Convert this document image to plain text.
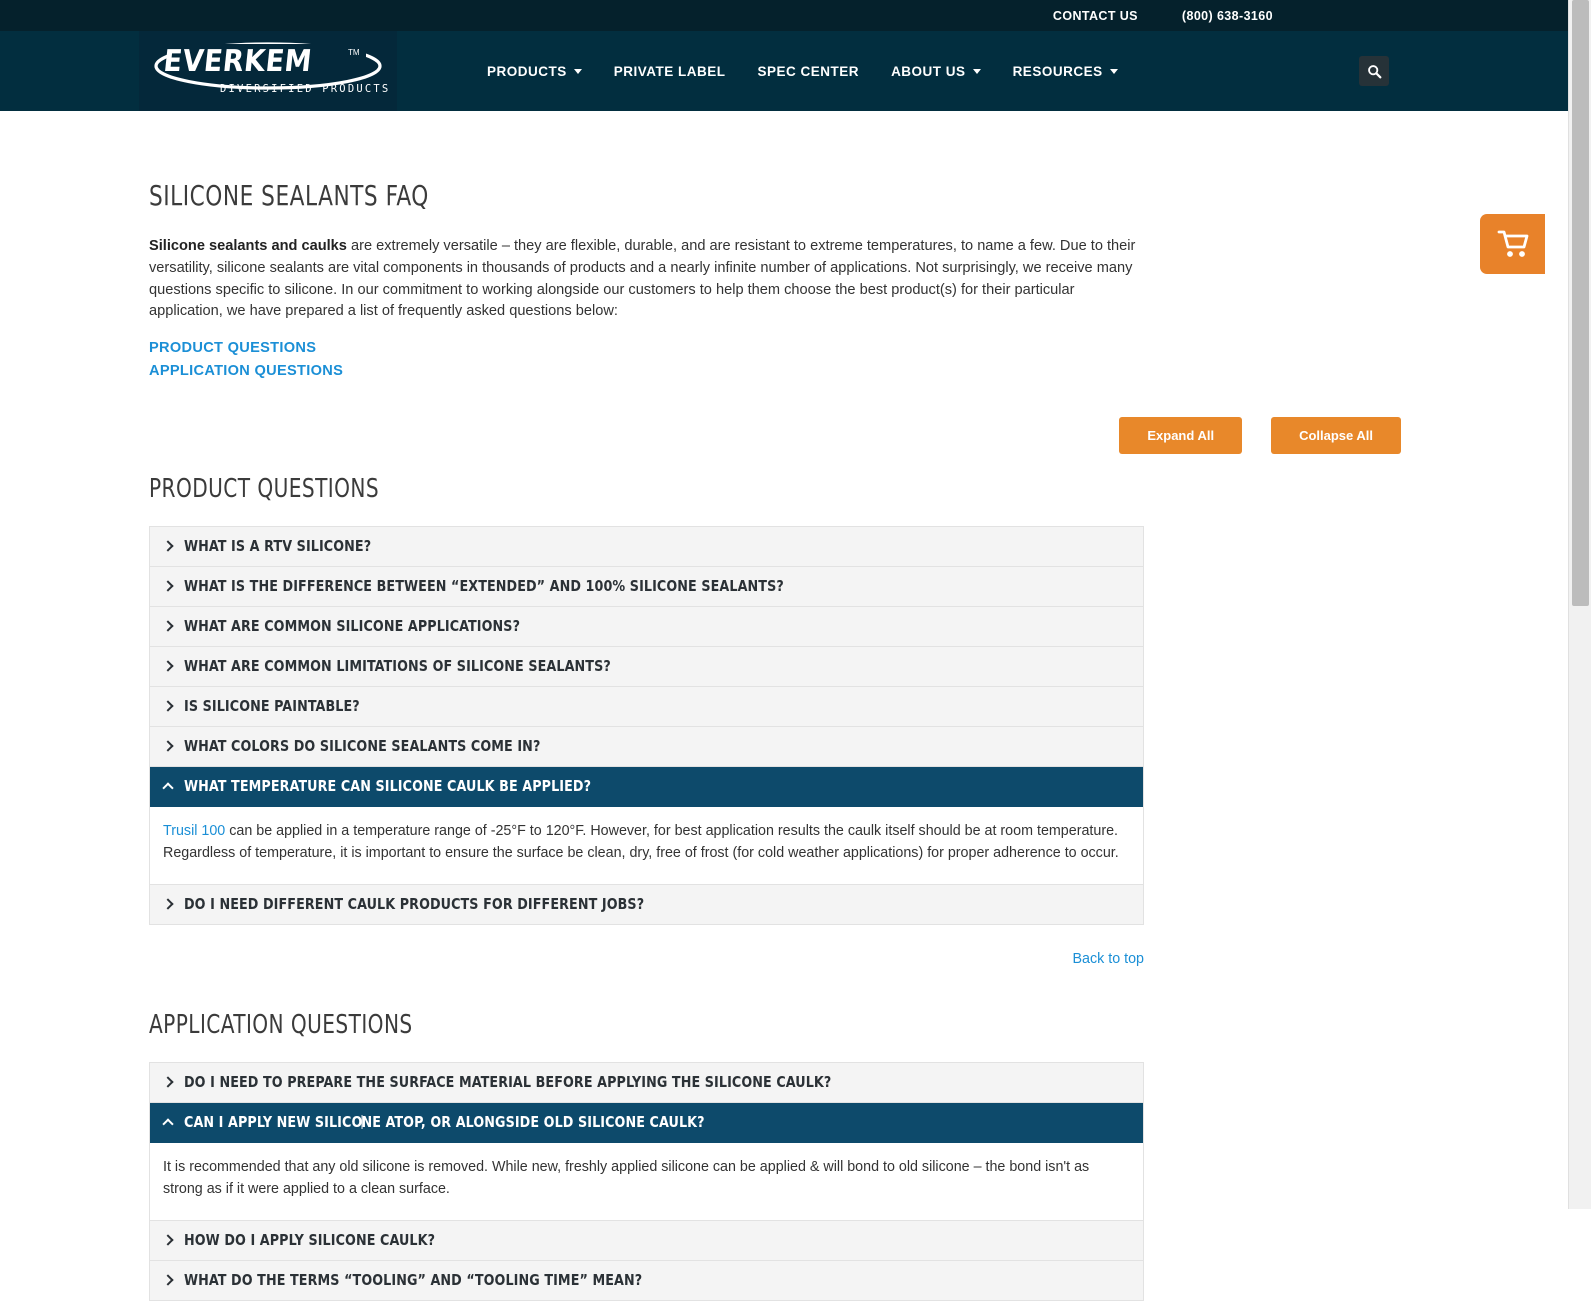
CONTACT US	(800) 638-3160
EVERKEM	TM
DIVERSIFIED PRODUCTS
PRODUCTS	PRIVATE LABEL SPEC CENTER ABOUT US	RESOURCES
SILICONE SEALANTS FAQ

Silicone sealants and caulks are extremely versatile – they are flexible, durable, and are resistant to extreme temperatures, to name a few. Due to their versatility, silicone sealants are vital components in thousands of products and a nearly infinite number of applications. Not surprisingly, we receive many questions specific to silicone. In our commitment to working alongside our customers to help them choose the best product(s) for their particular application, we have prepared a list of frequently asked questions below:

PRODUCT QUESTIONS
APPLICATION QUESTIONS
Expand All	Collapse All
PRODUCT QUESTIONS
WHAT IS A RTV SILICONE?
WHAT IS THE DIFFERENCE BETWEEN “EXTENDED” AND 100% SILICONE SEALANTS?
WHAT ARE COMMON SILICONE APPLICATIONS?
WHAT ARE COMMON LIMITATIONS OF SILICONE SEALANTS?
IS SILICONE PAINTABLE?
WHAT COLORS DO SILICONE SEALANTS COME IN?
WHAT TEMPERATURE CAN SILICONE CAULK BE APPLIED?

Trusil 100 can be applied in a temperature range of -25°F to 120°F. However, for best application results the caulk itself should be at room temperature. Regardless of temperature, it is important to ensure the surface be clean, dry, free of frost (for cold weather applications) for proper adherence to occur.

DO I NEED DIFFERENT CAULK PRODUCTS FOR DIFFERENT JOBS?
Back to top
APPLICATION QUESTIONS
DO I NEED TO PREPARE THE SURFACE MATERIAL BEFORE APPLYING THE SILICONE CAULK?
CAN I APPLY NEW SILICONE ATOP, OR ALONGSIDE OLD SILICONE CAULK?

It is recommended that any old silicone is removed. While new, freshly applied silicone can be applied & will bond to old silicone – the bond isn't as strong as if it were applied to a clean surface.

HOW DO I APPLY SILICONE CAULK?
WHAT DO THE TERMS “TOOLING” AND “TOOLING TIME” MEAN?
